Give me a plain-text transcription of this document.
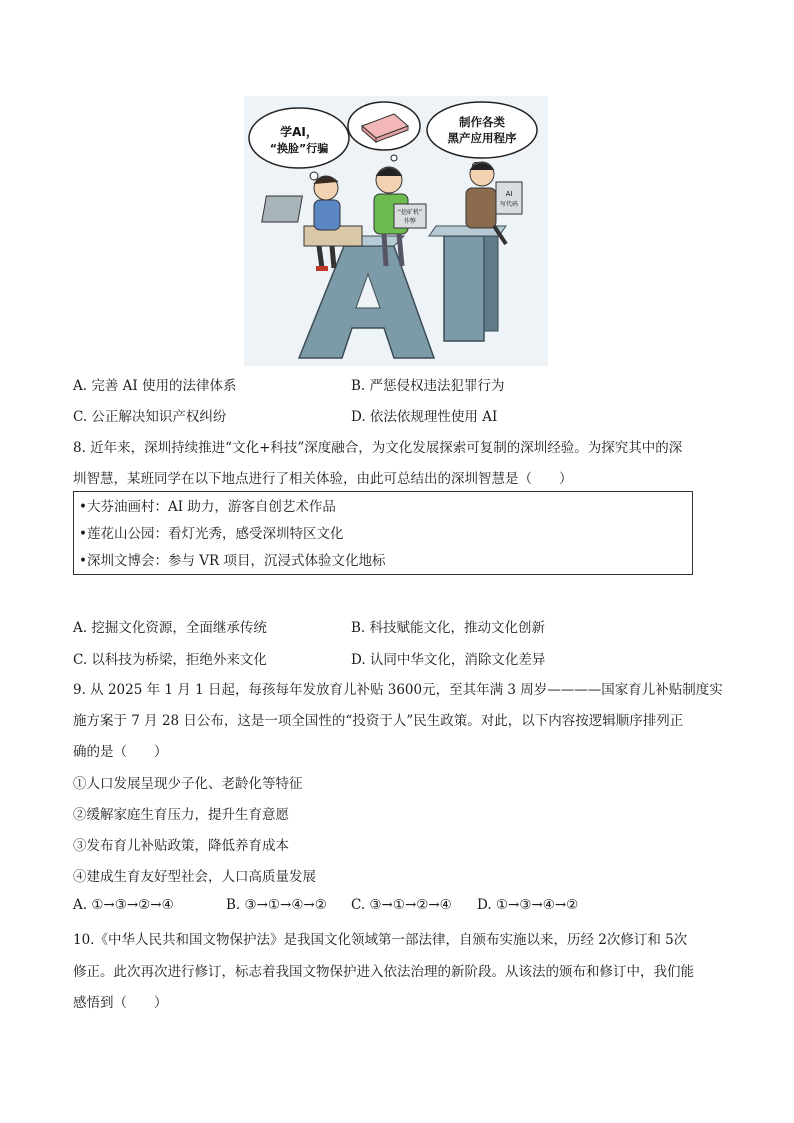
学AI，
“换脸”行骗
制作各类
黑产应用程序
“挖矿机”
作弊
AI
写代码
A. 完善 AI 使用的法律体系	B. 严惩侵权违法犯罪行为
C. 公正解决知识产权纠纷	D. 依法依规理性使用 AI
8. 近年来，深圳持续推进“文化+科技”深度融合，为文化发展探索可复制的深圳经验。为探究其中的深
圳智慧，某班同学在以下地点进行了相关体验，由此可总结出的深圳智慧是（　　）
•大芬油画村：AI 助力，游客自创艺术作品
•莲花山公园：看灯光秀，感受深圳特区文化
•深圳文博会：参与 VR 项目，沉浸式体验文化地标
A. 挖掘文化资源，全面继承传统	B. 科技赋能文化，推动文化创新
C. 以科技为桥梁，拒绝外来文化	D. 认同中华文化，消除文化差异
9. 从 2025 年 1 月 1 日起，每孩每年发放育儿补贴 3600元，至其年满 3 周岁————国家育儿补贴制度实
施方案于 7 月 28 日公布，这是一项全国性的“投资于人”民生政策。对此，以下内容按逻辑顺序排列正
确的是（　　）
①人口发展呈现少子化、老龄化等特征
②缓解家庭生育压力，提升生育意愿
③发布育儿补贴政策，降低养育成本
④建成生育友好型社会，人口高质量发展
A. ①→③→②→④	B. ③→①→④→② C. ③→①→②→④ D. ①→③→④→②
10.《中华人民共和国文物保护法》是我国文化领域第一部法律，自颁布实施以来，历经 2次修订和 5次
修正。此次再次进行修订，标志着我国文物保护进入依法治理的新阶段。从该法的颁布和修订中，我们能
感悟到（　　）
